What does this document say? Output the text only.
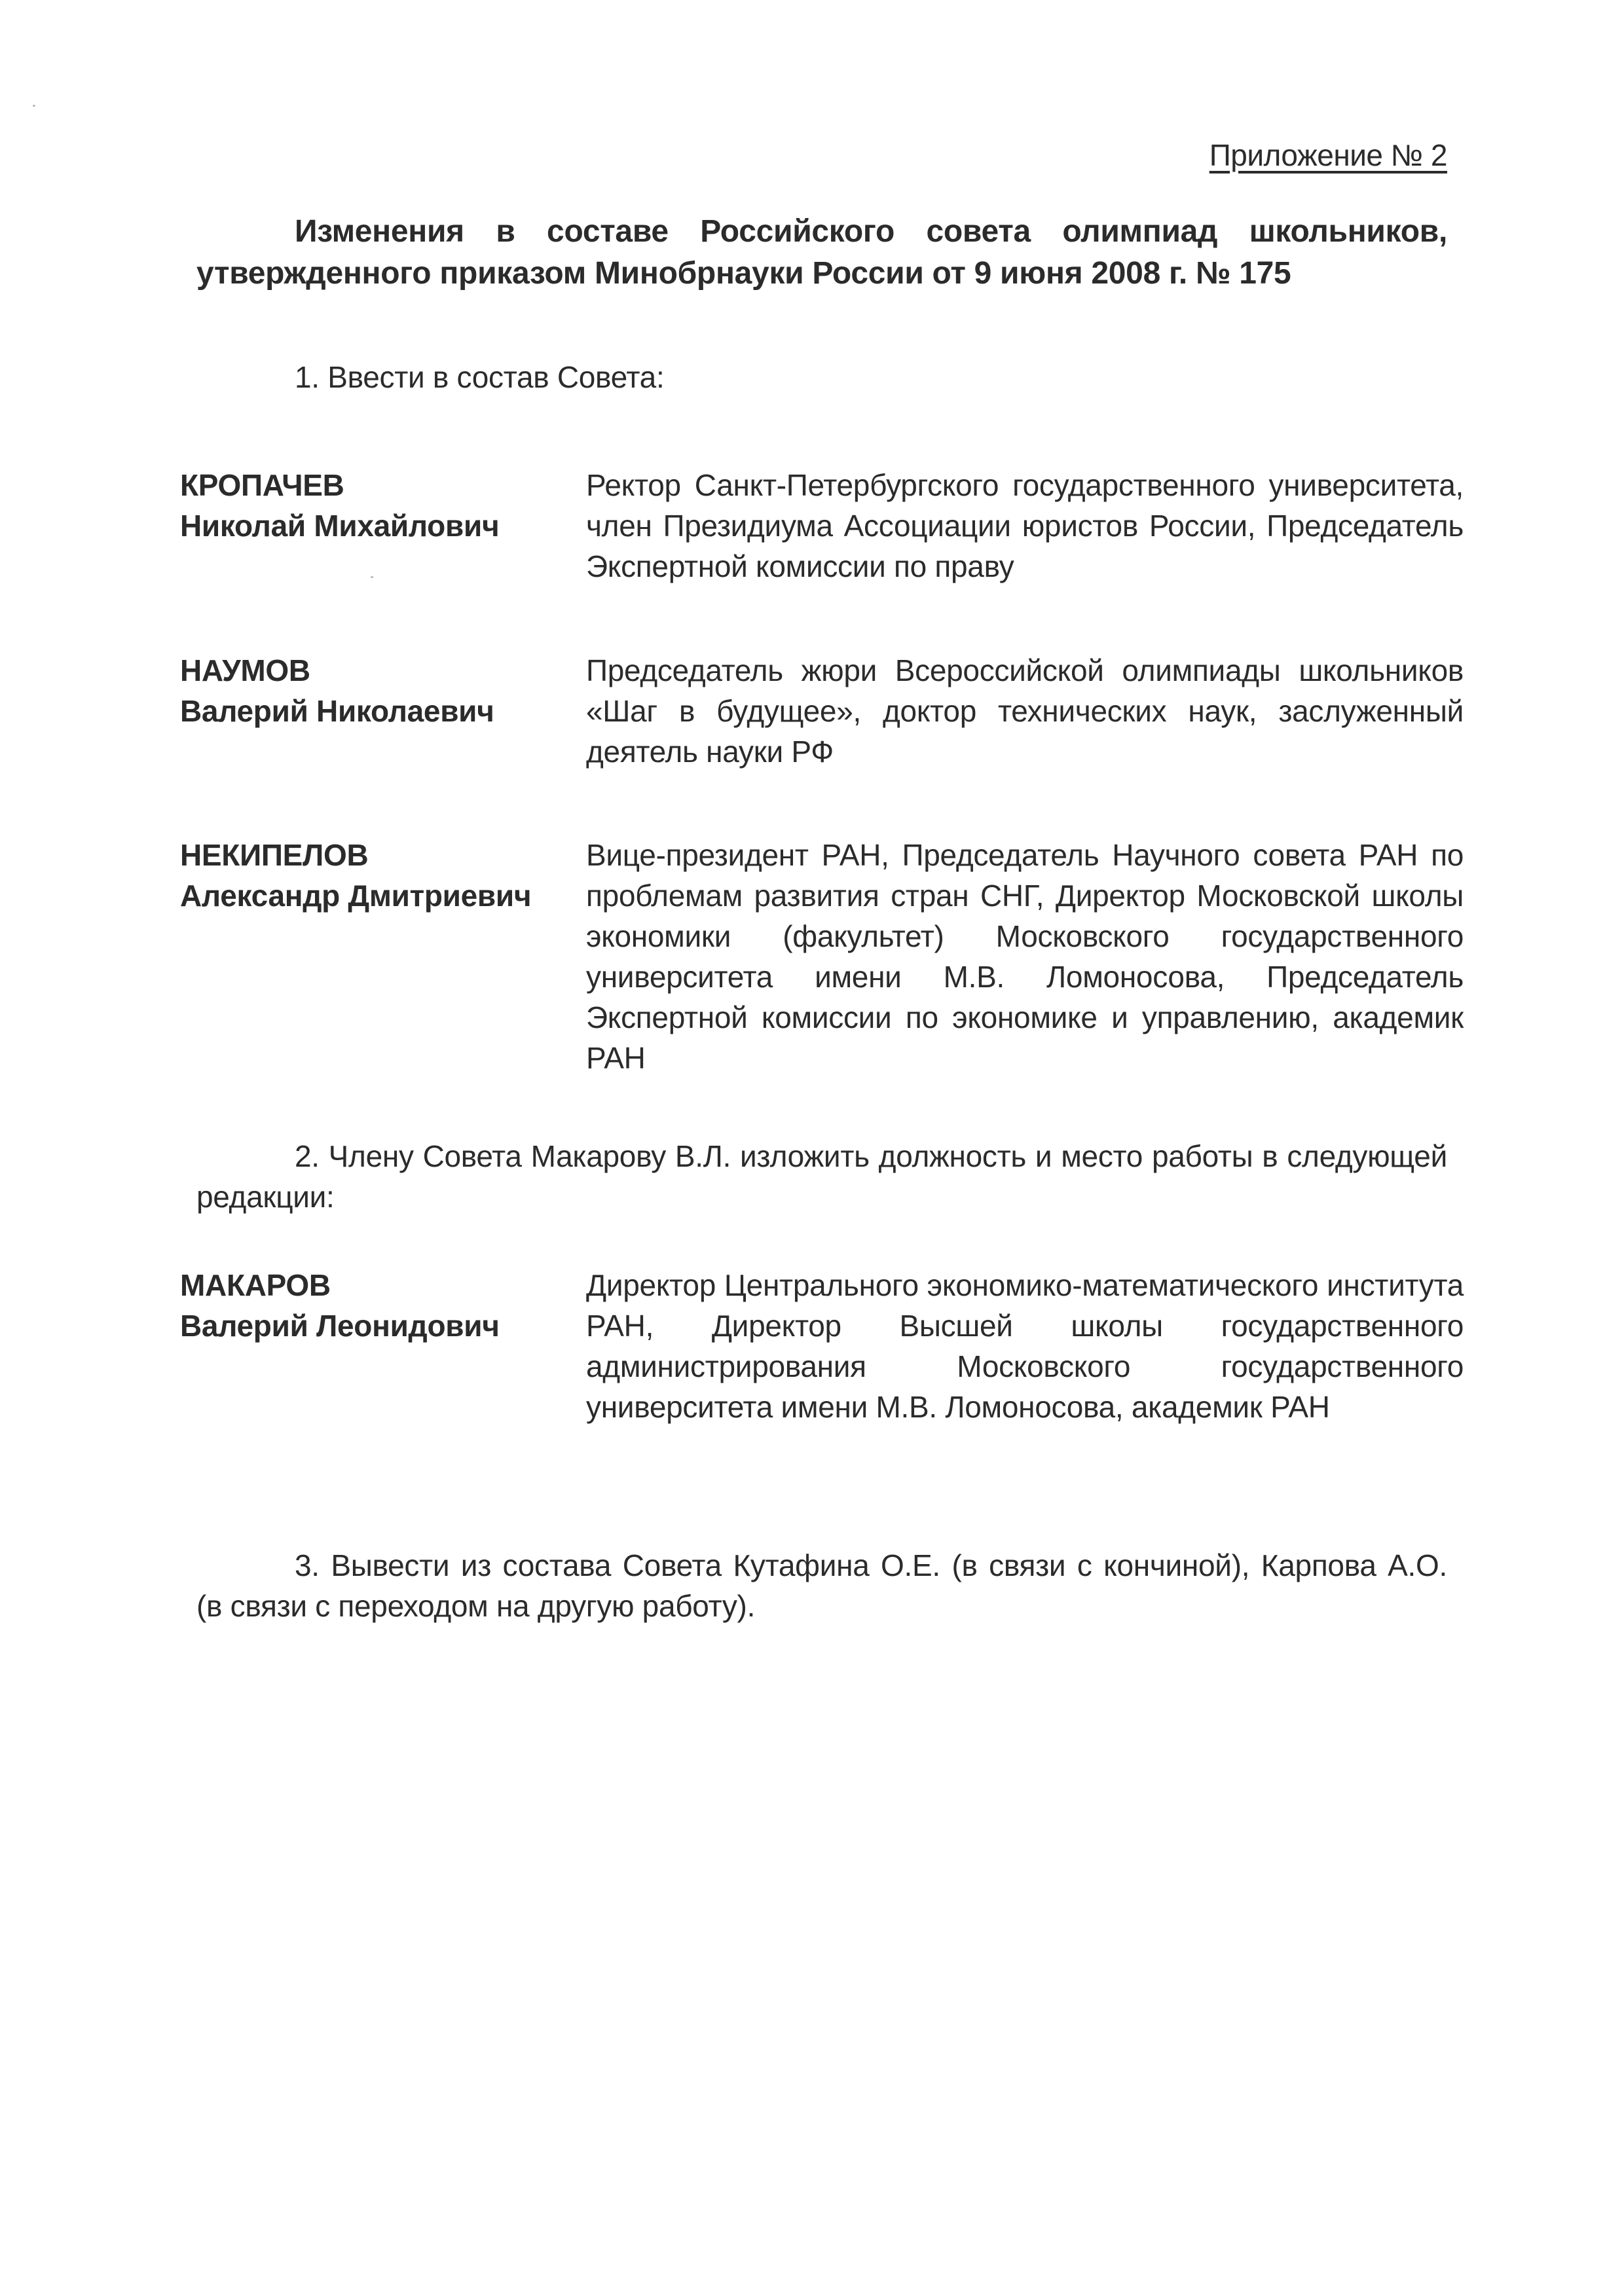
Приложение № 2
Изменения в составе Российского совета олимпиад школьников,
утвержденного приказом Минобрнауки России от 9 июня 2008 г. № 175
1. Ввести в состав Совета:
КРОПАЧЕВ
Николай Михайлович
Ректор Санкт-Петербургского государственного университета, член Президиума Ассоциации юристов России, Председатель Экспертной комиссии по праву
НАУМОВ
Валерий Николаевич
Председатель жюри Всероссийской олимпиады школьников «Шаг в будущее», доктор технических наук, заслуженный деятель науки РФ
НЕКИПЕЛОВ
Александр Дмитриевич
Вице-президент РАН, Председатель Научного совета РАН по проблемам развития стран СНГ, Директор Московской школы экономики (факультет) Московского государственного университета имени М.В. Ломоносова, Председатель Экспертной комиссии по экономике и управлению, академик РАН
2. Члену Совета Макарову В.Л. изложить должность и место работы в следующей
редакции:
МАКАРОВ
Валерий Леонидович
Директор Центрального экономико-математического института РАН, Директор Высшей школы государственного администрирования Московского государственного университета имени М.В. Ломоносова, академик РАН
3. Вывести из состава Совета Кутафина О.Е. (в связи с кончиной), Карпова А.О.
(в связи с переходом на другую работу).
